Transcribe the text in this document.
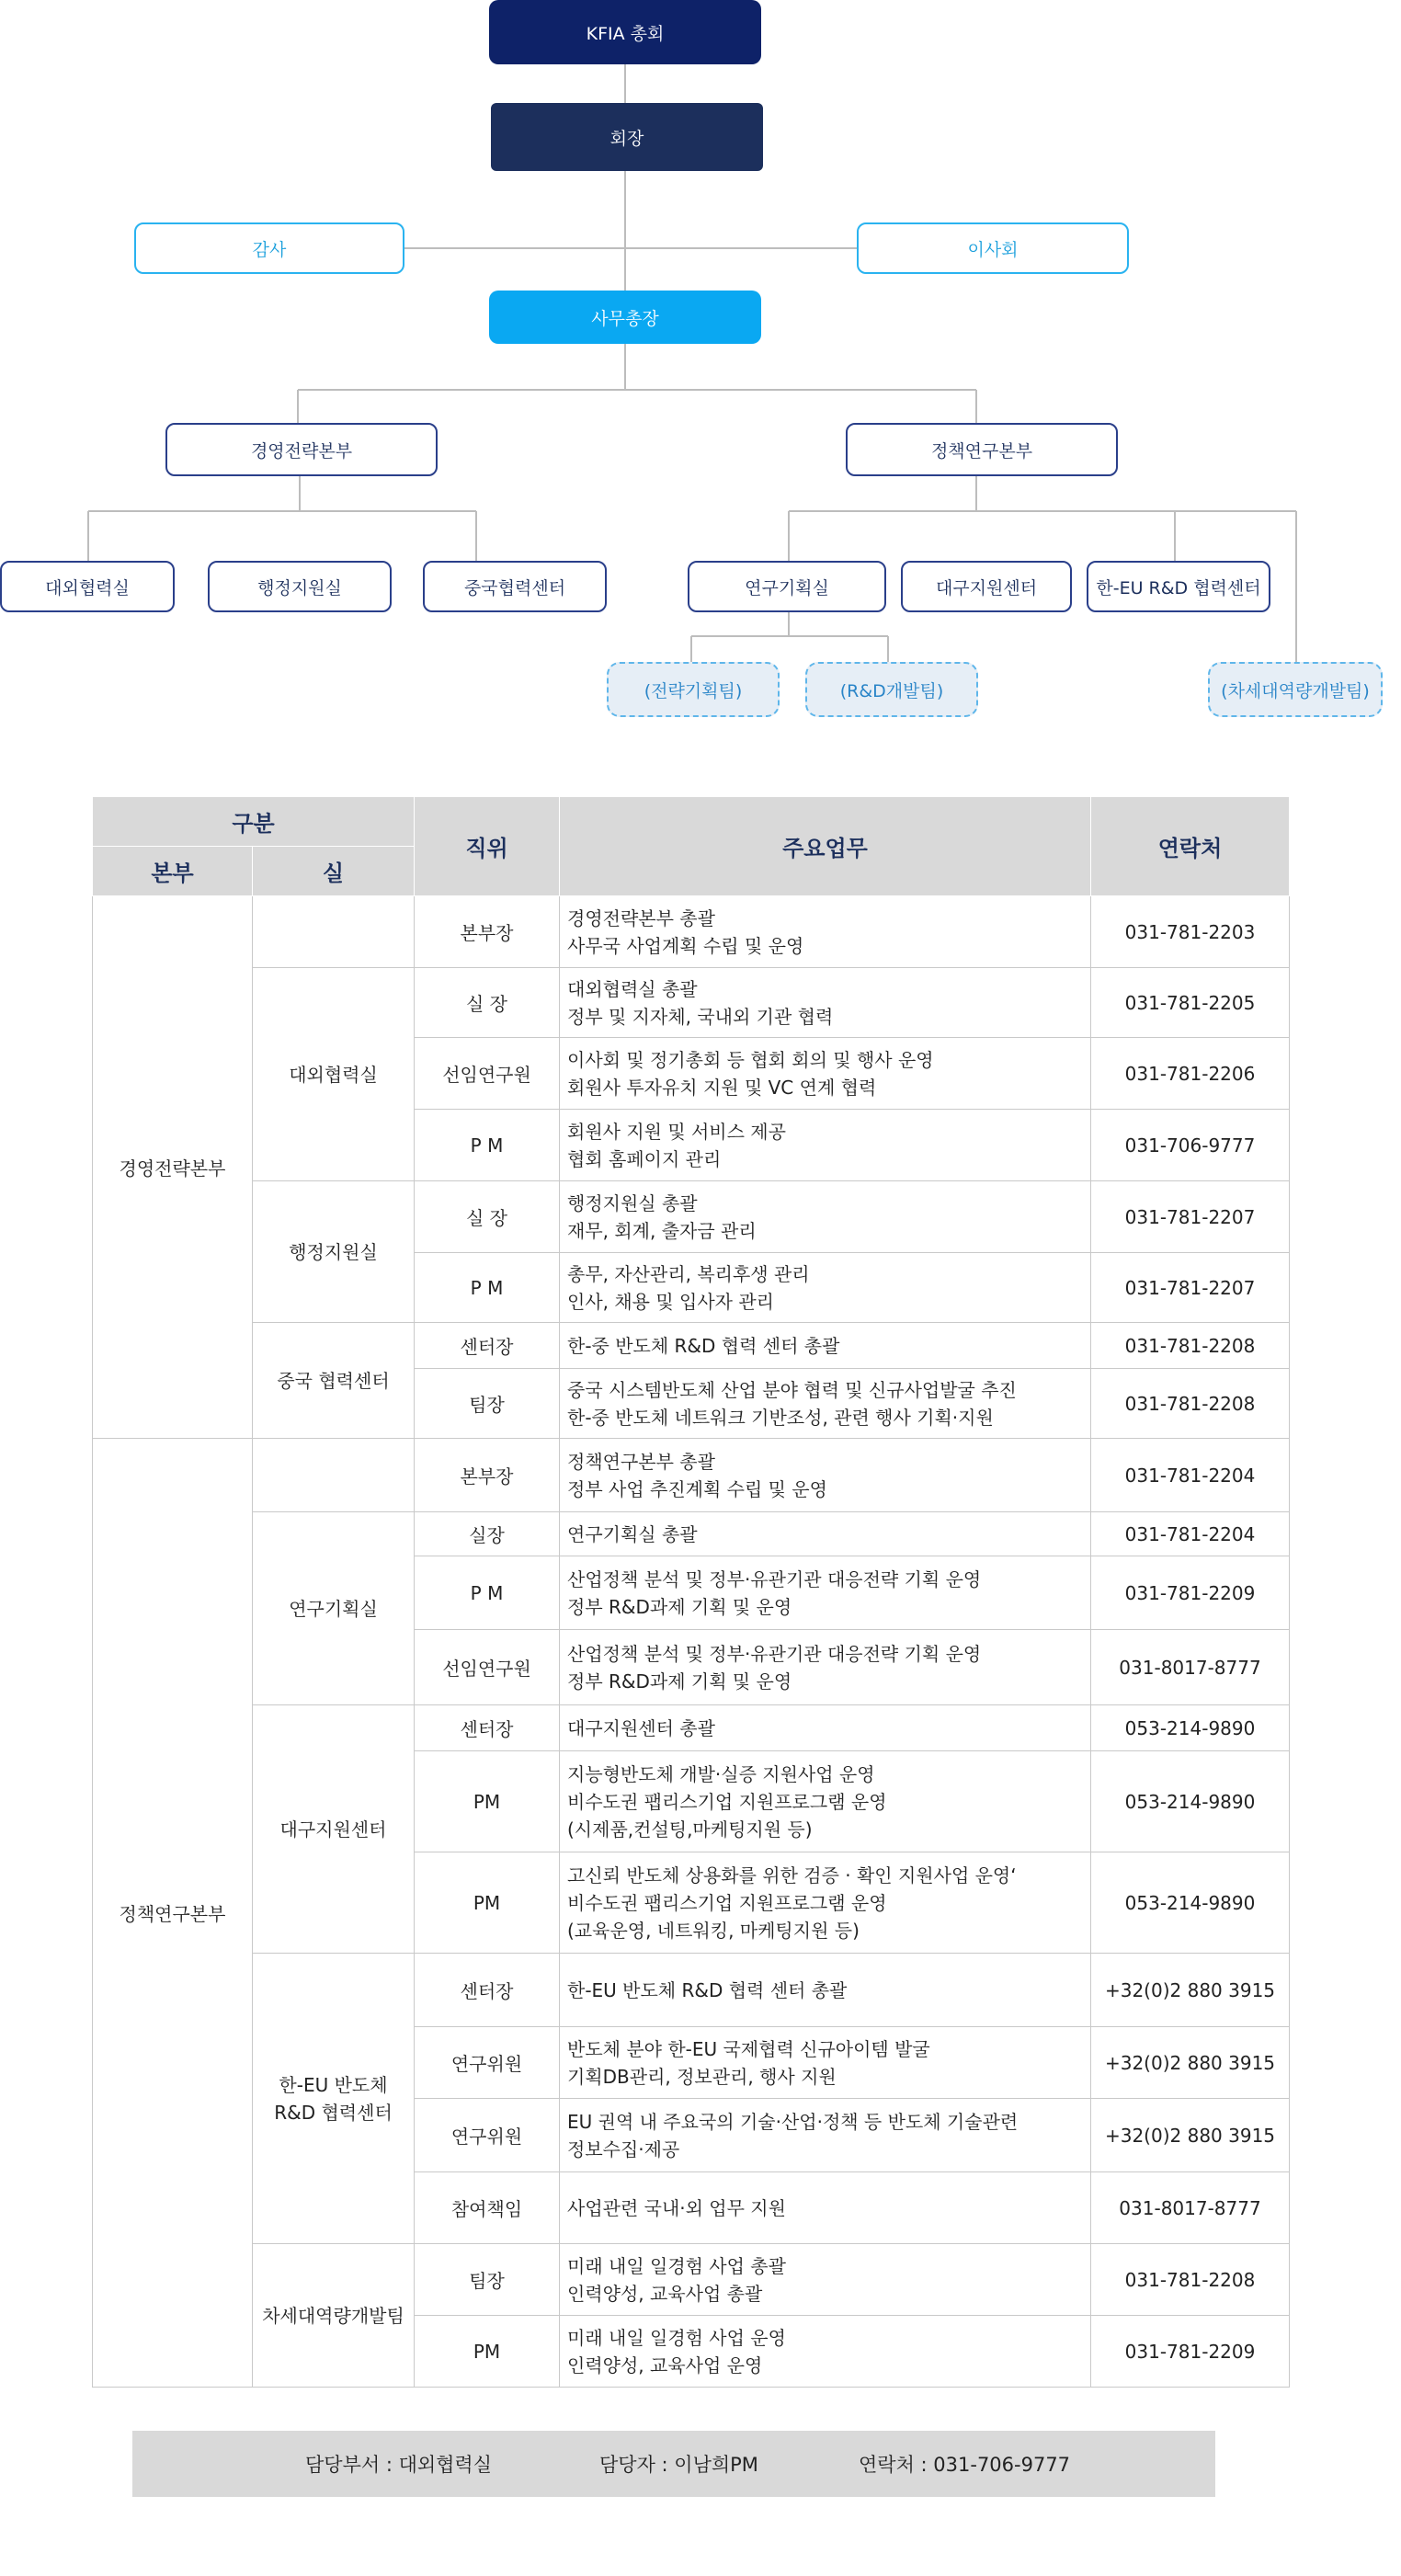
KFIA 총회
회장
감사	이사회
사무총장
경영전략본부	정책연구본부
대외협력실	행정지원실	중국협력센터	연구기획실	대구지원센터	한-EU R&D 협력센터
(전략기획팀)	(R&D개발팀)	(차세대역량개발팀)
구분		직위	주요업무	연락처
본부	실			
경영전략본부		본부장	경영전략본부 총괄
사무국 사업계획 수립 및 운영	031-781-2203
	대외협력실	실 장	대외협력실 총괄
정부 및 지자체, 국내외 기관 협력	031-781-2205
		선임연구원	이사회 및 정기총회 등 협회 회의 및 행사 운영
회원사 투자유치 지원 및 VC 연계 협력	031-781-2206
		P M	회원사 지원 및 서비스 제공
협회 홈페이지 관리	031-706-9777
	행정지원실	실 장	행정지원실 총괄
재무, 회계, 출자금 관리	031-781-2207
		P M	총무, 자산관리, 복리후생 관리
인사, 채용 및 입사자 관리	031-781-2207
	중국 협력센터	센터장	한-중 반도체 R&D 협력 센터 총괄	031-781-2208
		팀장	중국 시스템반도체 산업 분야 협력 및 신규사업발굴 추진
한-중 반도체 네트워크 기반조성, 관련 행사 기획·지원	031-781-2208
정책연구본부		본부장	정책연구본부 총괄
정부 사업 추진계획 수립 및 운영	031-781-2204
	연구기획실	실장	연구기획실 총괄	031-781-2204
		P M	산업정책 분석 및 정부·유관기관 대응전략 기획 운영
정부 R&D과제 기획 및 운영	031-781-2209
		선임연구원	산업정책 분석 및 정부·유관기관 대응전략 기획 운영
정부 R&D과제 기획 및 운영	031-8017-8777
	대구지원센터	센터장	대구지원센터 총괄	053-214-9890
		PM	지능형반도체 개발·실증 지원사업 운영
비수도권 팹리스기업 지원프로그램 운영
(시제품,컨설팅,마케팅지원 등)	053-214-9890
		PM	고신뢰 반도체 상용화를 위한 검증 · 확인 지원사업 운영‘
비수도권 팹리스기업 지원프로그램 운영
(교육운영, 네트워킹, 마케팅지원 등)	053-214-9890
	한-EU 반도체
R&D 협력센터	센터장	한-EU 반도체 R&D 협력 센터 총괄	+32(0)2 880 3915
		연구위원	반도체 분야 한-EU 국제협력 신규아이템 발굴
기획DB관리, 정보관리, 행사 지원	+32(0)2 880 3915
		연구위원	EU 권역 내 주요국의 기술·산업·정책 등 반도체 기술관련
정보수집·제공	+32(0)2 880 3915
		참여책임	사업관련 국내·외 업무 지원	031-8017-8777
	차세대역량개발팀	팀장	미래 내일 일경험 사업 총괄
인력양성, 교육사업 총괄	031-781-2208
		PM	미래 내일 일경험 사업 운영
인력양성, 교육사업 운영	031-781-2209
담당부서 : 대외협력실	담당자 : 이남희PM	연락처 : 031-706-9777
